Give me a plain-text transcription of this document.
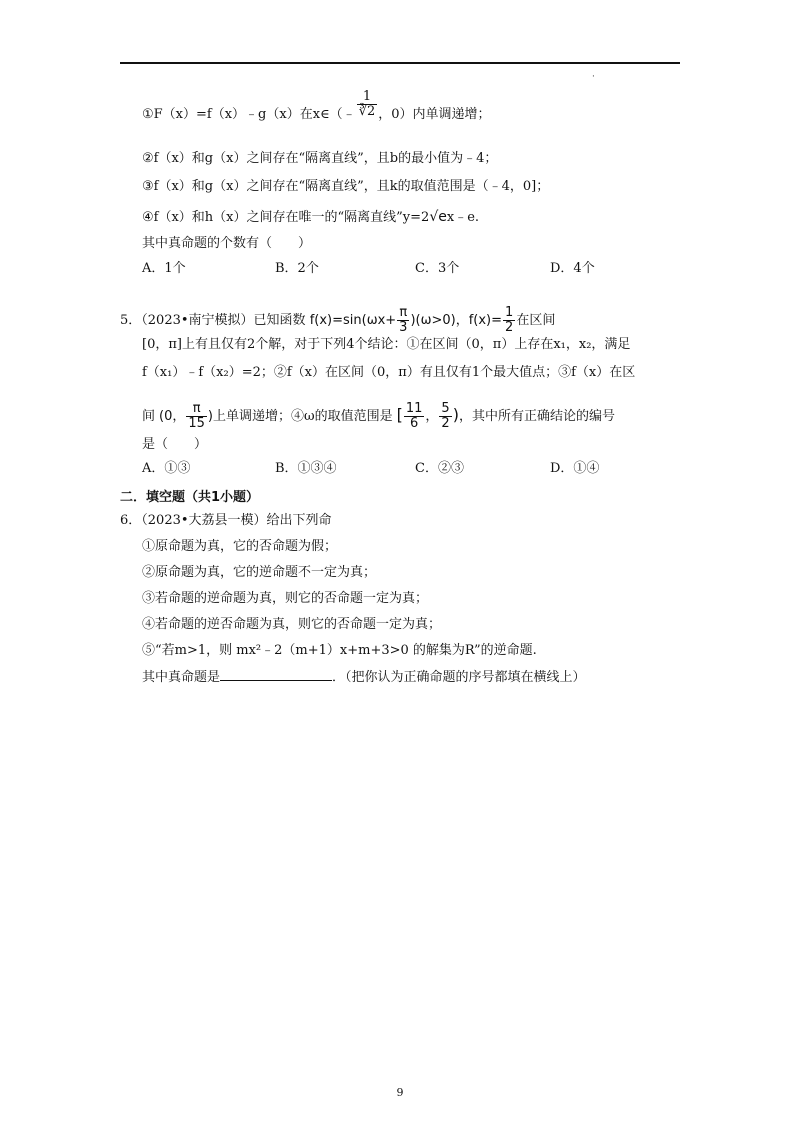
·
①F（x）=f（x）﹣g（x）在x∈（﹣ $\frac{1}{∛2}$ ，0）内单调递增；
②f（x）和g（x）之间存在“隔离直线”，且b的最小值为﹣4；
③f（x）和g（x）之间存在“隔离直线”，且k的取值范围是（﹣4，0]；
④f（x）和h（x）之间存在唯一的“隔离直线”y=2√ex﹣e.
其中真命题的个数有（　　）
A．1个	B．2个	C．3个	D．4个
5．（2023•南宁模拟）已知函数 $f(x)=\sin(\omega x+ \frac{\pi}{3} )(\omega>0)$，$f(x)= \frac{1}{2}$ 在区间
[0，π]上有且仅有2个解，对于下列4个结论：①在区间（0，π）上存在x₁，x₂，满足
f（x₁）﹣f（x₂）=2；②f（x）在区间（0，π）有且仅有1个最大值点；③f（x）在区
间 (0， $\frac{\pi}{15}$ )上单调递增；④ω的取值范围是 [ $\frac{11}{6}$ ， $\frac{5}{2}$ )，其中所有正确结论的编号
是（　　）
A．①③	B．①③④	C．②③	D．①④
二．填空题（共1小题）
6．（2023•大荔县一模）给出下列命
①原命题为真，它的否命题为假；
②原命题为真，它的逆命题不一定为真；
③若命题的逆命题为真，则它的否命题一定为真；
④若命题的逆否命题为真，则它的否命题一定为真；
⑤“若m>1，则 mx²﹣2（m+1）x+m+3>0 的解集为R”的逆命题.
其中真命题是	．（把你认为正确命题的序号都填在横线上）
9
